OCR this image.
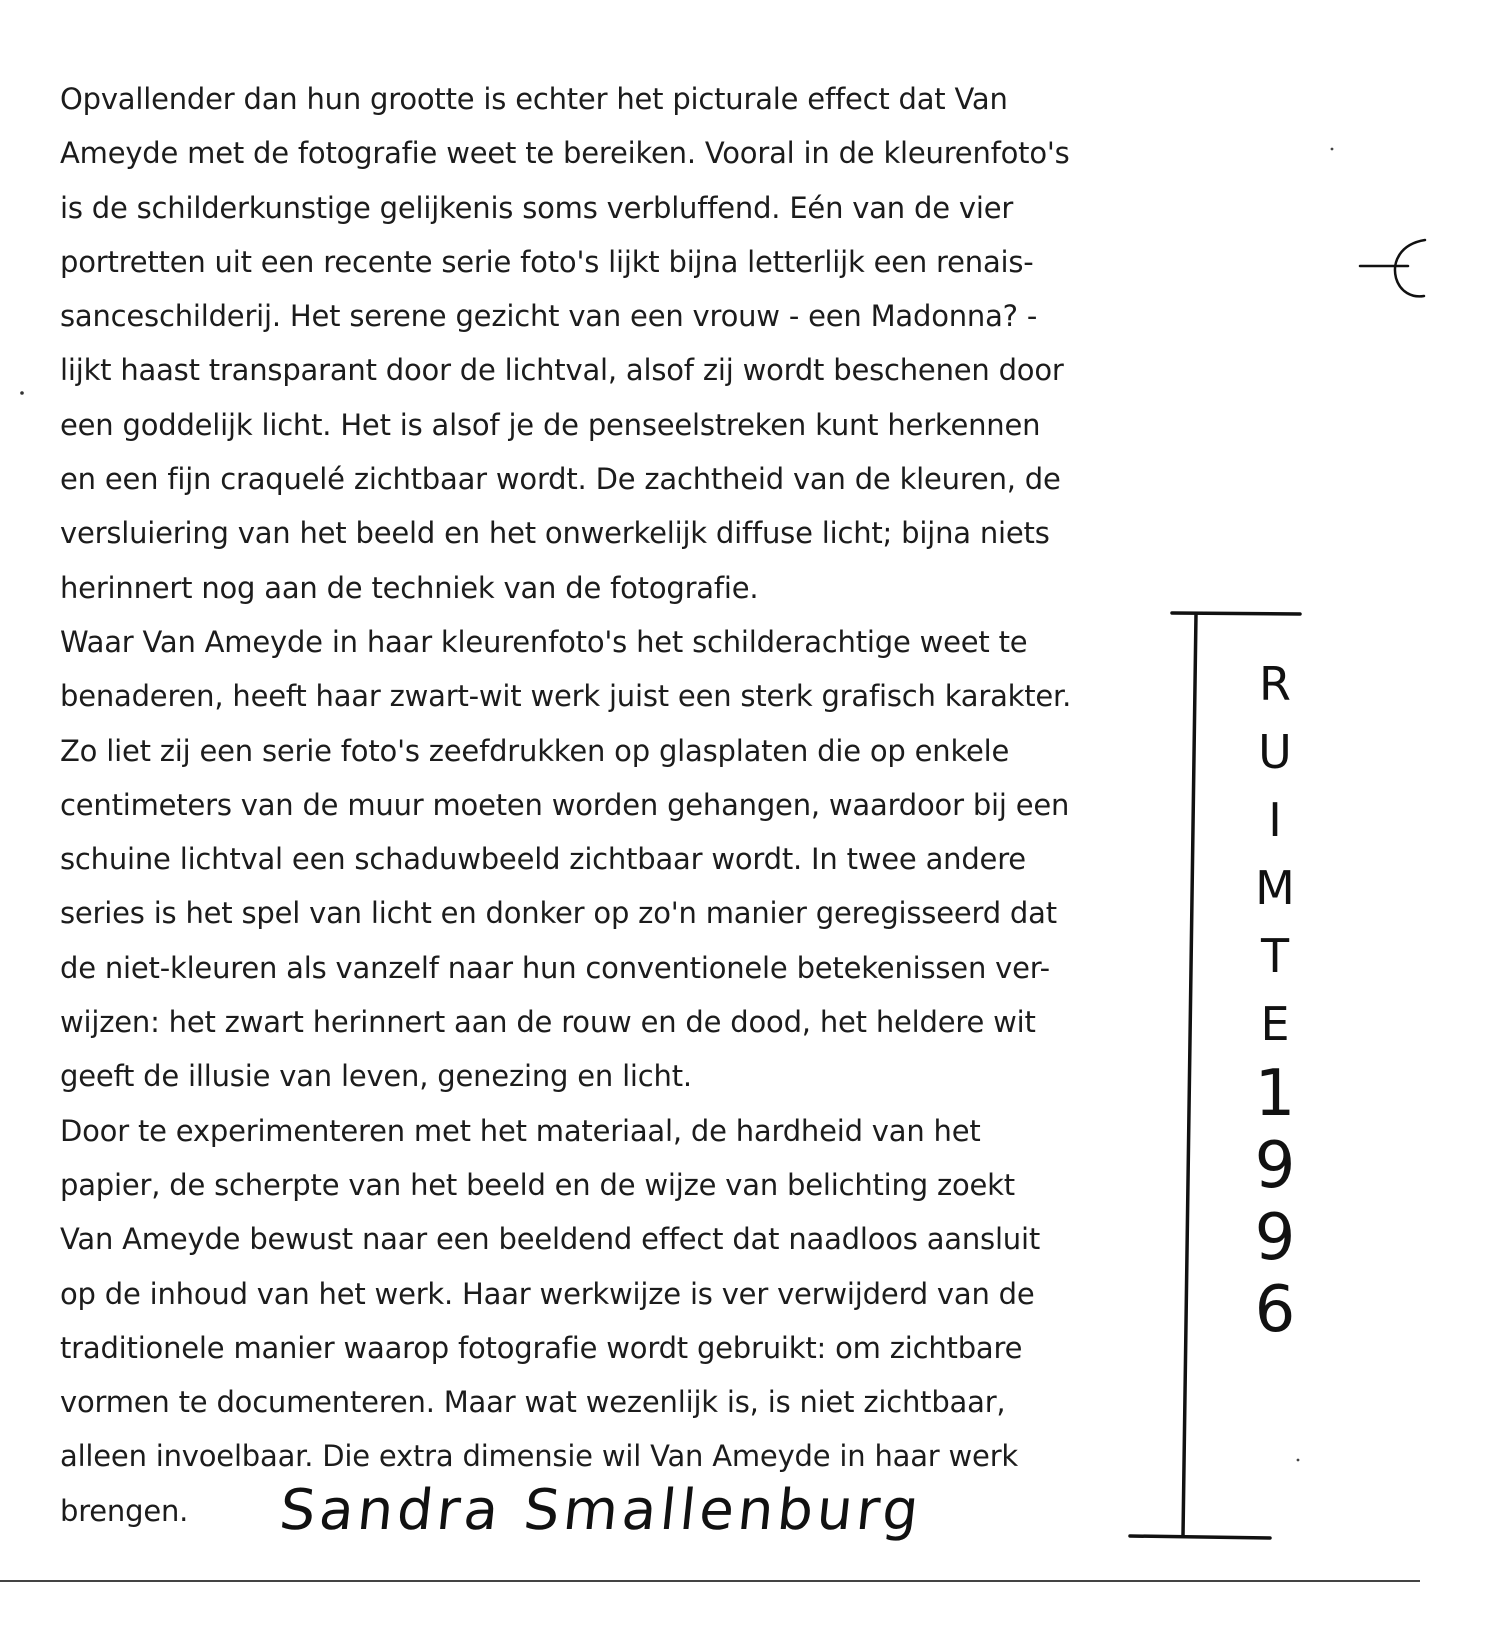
Opvallender dan hun grootte is echter het picturale effect dat Van
Ameyde met de fotografie weet te bereiken. Vooral in de kleurenfoto's
is de schilderkunstige gelijkenis soms verbluffend. Eén van de vier
portretten uit een recente serie foto's lijkt bijna letterlijk een renais-
sanceschilderij. Het serene gezicht van een vrouw - een Madonna? -
lijkt haast transparant door de lichtval, alsof zij wordt beschenen door
een goddelijk licht. Het is alsof je de penseelstreken kunt herkennen
en een fijn craquelé zichtbaar wordt. De zachtheid van de kleuren, de
versluiering van het beeld en het onwerkelijk diffuse licht; bijna niets
herinnert nog aan de techniek van de fotografie.
Waar Van Ameyde in haar kleurenfoto's het schilderachtige weet te
benaderen, heeft haar zwart-wit werk juist een sterk grafisch karakter.
Zo liet zij een serie foto's zeefdrukken op glasplaten die op enkele
centimeters van de muur moeten worden gehangen, waardoor bij een
schuine lichtval een schaduwbeeld zichtbaar wordt. In twee andere
series is het spel van licht en donker op zo'n manier geregisseerd dat
de niet-kleuren als vanzelf naar hun conventionele betekenissen ver-
wijzen: het zwart herinnert aan de rouw en de dood, het heldere wit
geeft de illusie van leven, genezing en licht.
Door te experimenteren met het materiaal, de hardheid van het
papier, de scherpte van het beeld en de wijze van belichting zoekt
Van Ameyde bewust naar een beeldend effect dat naadloos aansluit
op de inhoud van het werk. Haar werkwijze is ver verwijderd van de
traditionele manier waarop fotografie wordt gebruikt: om zichtbare
vormen te documenteren. Maar wat wezenlijk is, is niet zichtbaar,
alleen invoelbaar. Die extra dimensie wil Van Ameyde in haar werk
brengen.	Sandra Smallenburg
R
U
I
M
T
E
1
9
9
6
